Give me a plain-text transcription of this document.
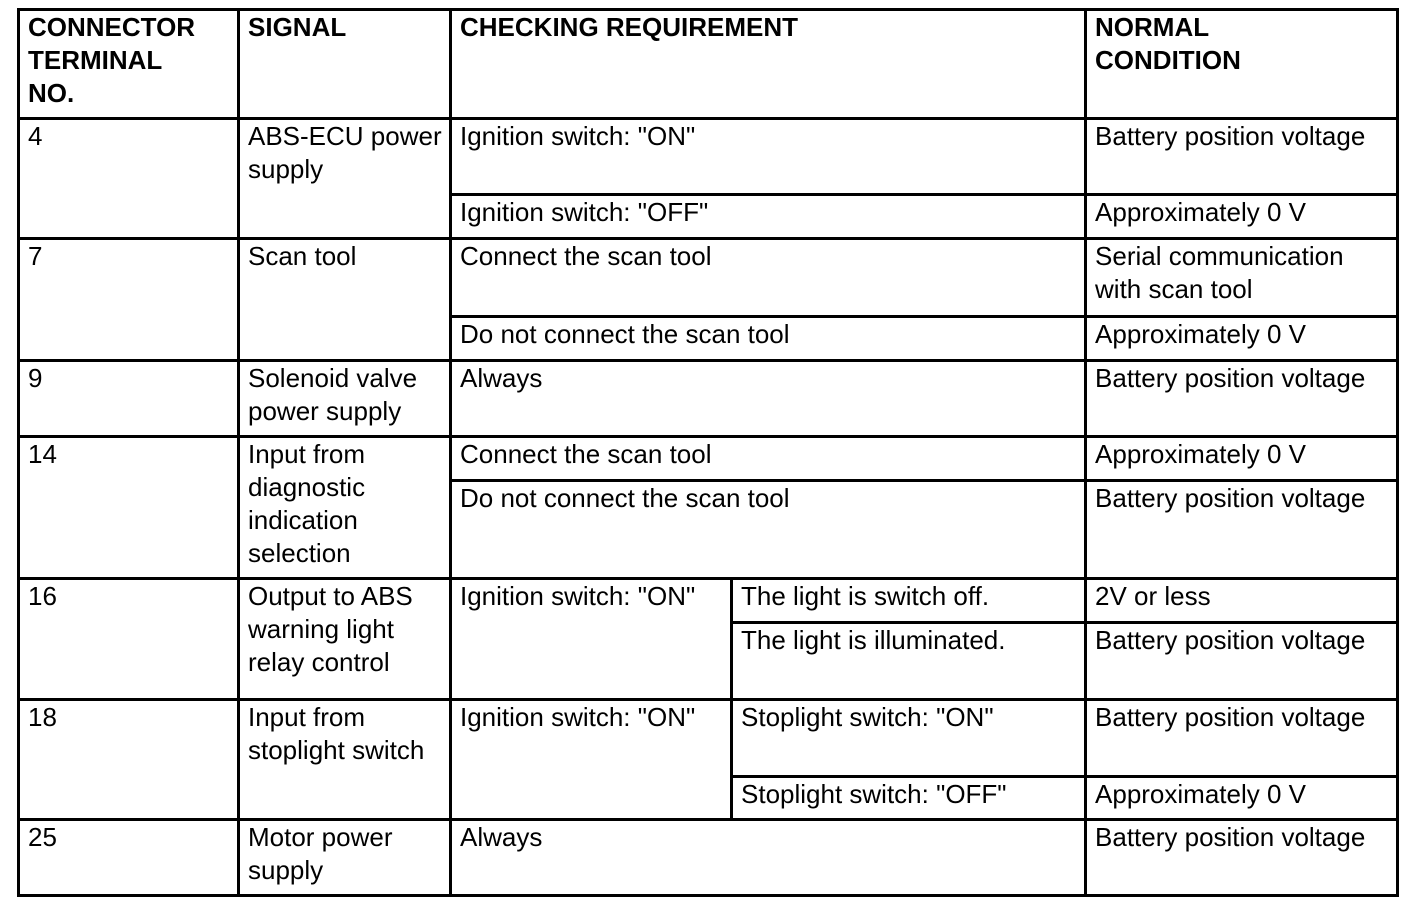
CONNECTOR TERMINAL NO.	SIGNAL	CHECKING REQUIREMENT		NORMAL CONDITION
4	ABS-ECU power supply	Ignition switch: "ON"		Battery position voltage
		Ignition switch: "OFF"		Approximately 0 V
7	Scan tool	Connect the scan tool		Serial communication with scan tool
		Do not connect the scan tool		Approximately 0 V
9	Solenoid valve power supply	Always		Battery position voltage
14	Input from diagnostic indication selection	Connect the scan tool		Approximately 0 V
		Do not connect the scan tool		Battery position voltage
16	Output to ABS warning light relay control	Ignition switch: "ON"	The light is switch off.	2V or less
			The light is illuminated.	Battery position voltage
18	Input from stoplight switch	Ignition switch: "ON"	Stoplight switch: "ON"	Battery position voltage
			Stoplight switch: "OFF"	Approximately 0 V
25	Motor power supply	Always		Battery position voltage
